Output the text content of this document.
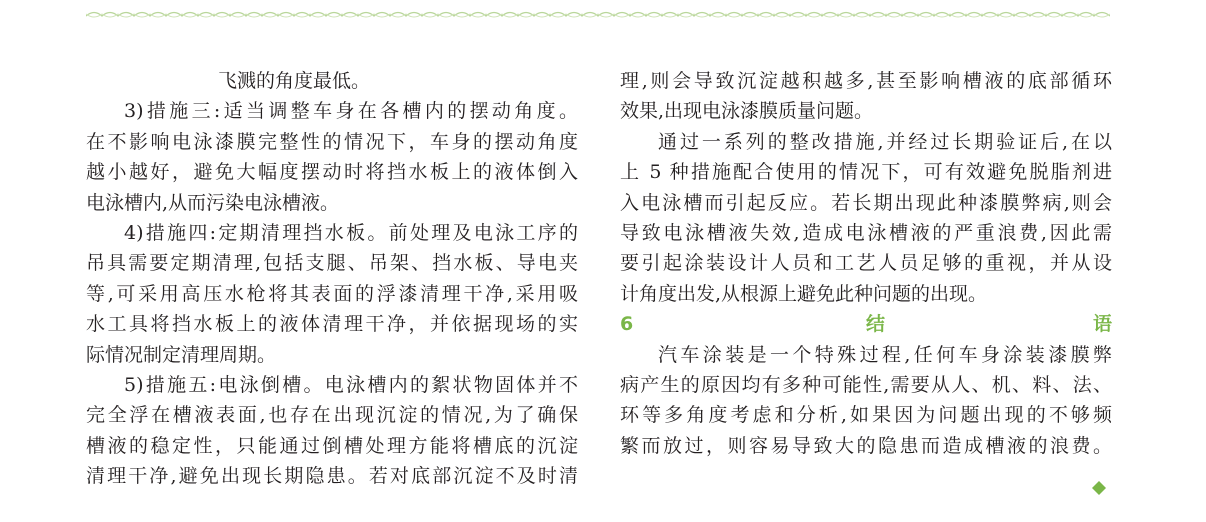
飞溅的角度最低。

3)措施三:适当调整车身在各槽内的摆动角度。

在不影响电泳漆膜完整性的情况下，车身的摆动角度

越小越好，避免大幅度摆动时将挡水板上的液体倒入

电泳槽内,从而污染电泳槽液。

4)措施四:定期清理挡水板。前处理及电泳工序的

吊具需要定期清理,包括支腿、吊架、挡水板、导电夹

等,可采用高压水枪将其表面的浮漆清理干净,采用吸

水工具将挡水板上的液体清理干净，并依据现场的实

际情况制定清理周期。

5)措施五:电泳倒槽。电泳槽内的絮状物固体并不

完全浮在槽液表面,也存在出现沉淀的情况,为了确保

槽液的稳定性，只能通过倒槽处理方能将槽底的沉淀

清理干净,避免出现长期隐患。若对底部沉淀不及时清

理,则会导致沉淀越积越多,甚至影响槽液的底部循环

效果,出现电泳漆膜质量问题。

通过一系列的整改措施,并经过长期验证后,在以

上 5 种措施配合使用的情况下，可有效避免脱脂剂进

入电泳槽而引起反应。若长期出现此种漆膜弊病,则会

导致电泳槽液失效,造成电泳槽液的严重浪费,因此需

要引起涂装设计人员和工艺人员足够的重视，并从设

计角度出发,从根源上避免此种问题的出现。

6 结语

汽车涂装是一个特殊过程,任何车身涂装漆膜弊

病产生的原因均有多种可能性,需要从人、机、料、法、

环等多角度考虑和分析,如果因为问题出现的不够频

繁而放过，则容易导致大的隐患而造成槽液的浪费。
